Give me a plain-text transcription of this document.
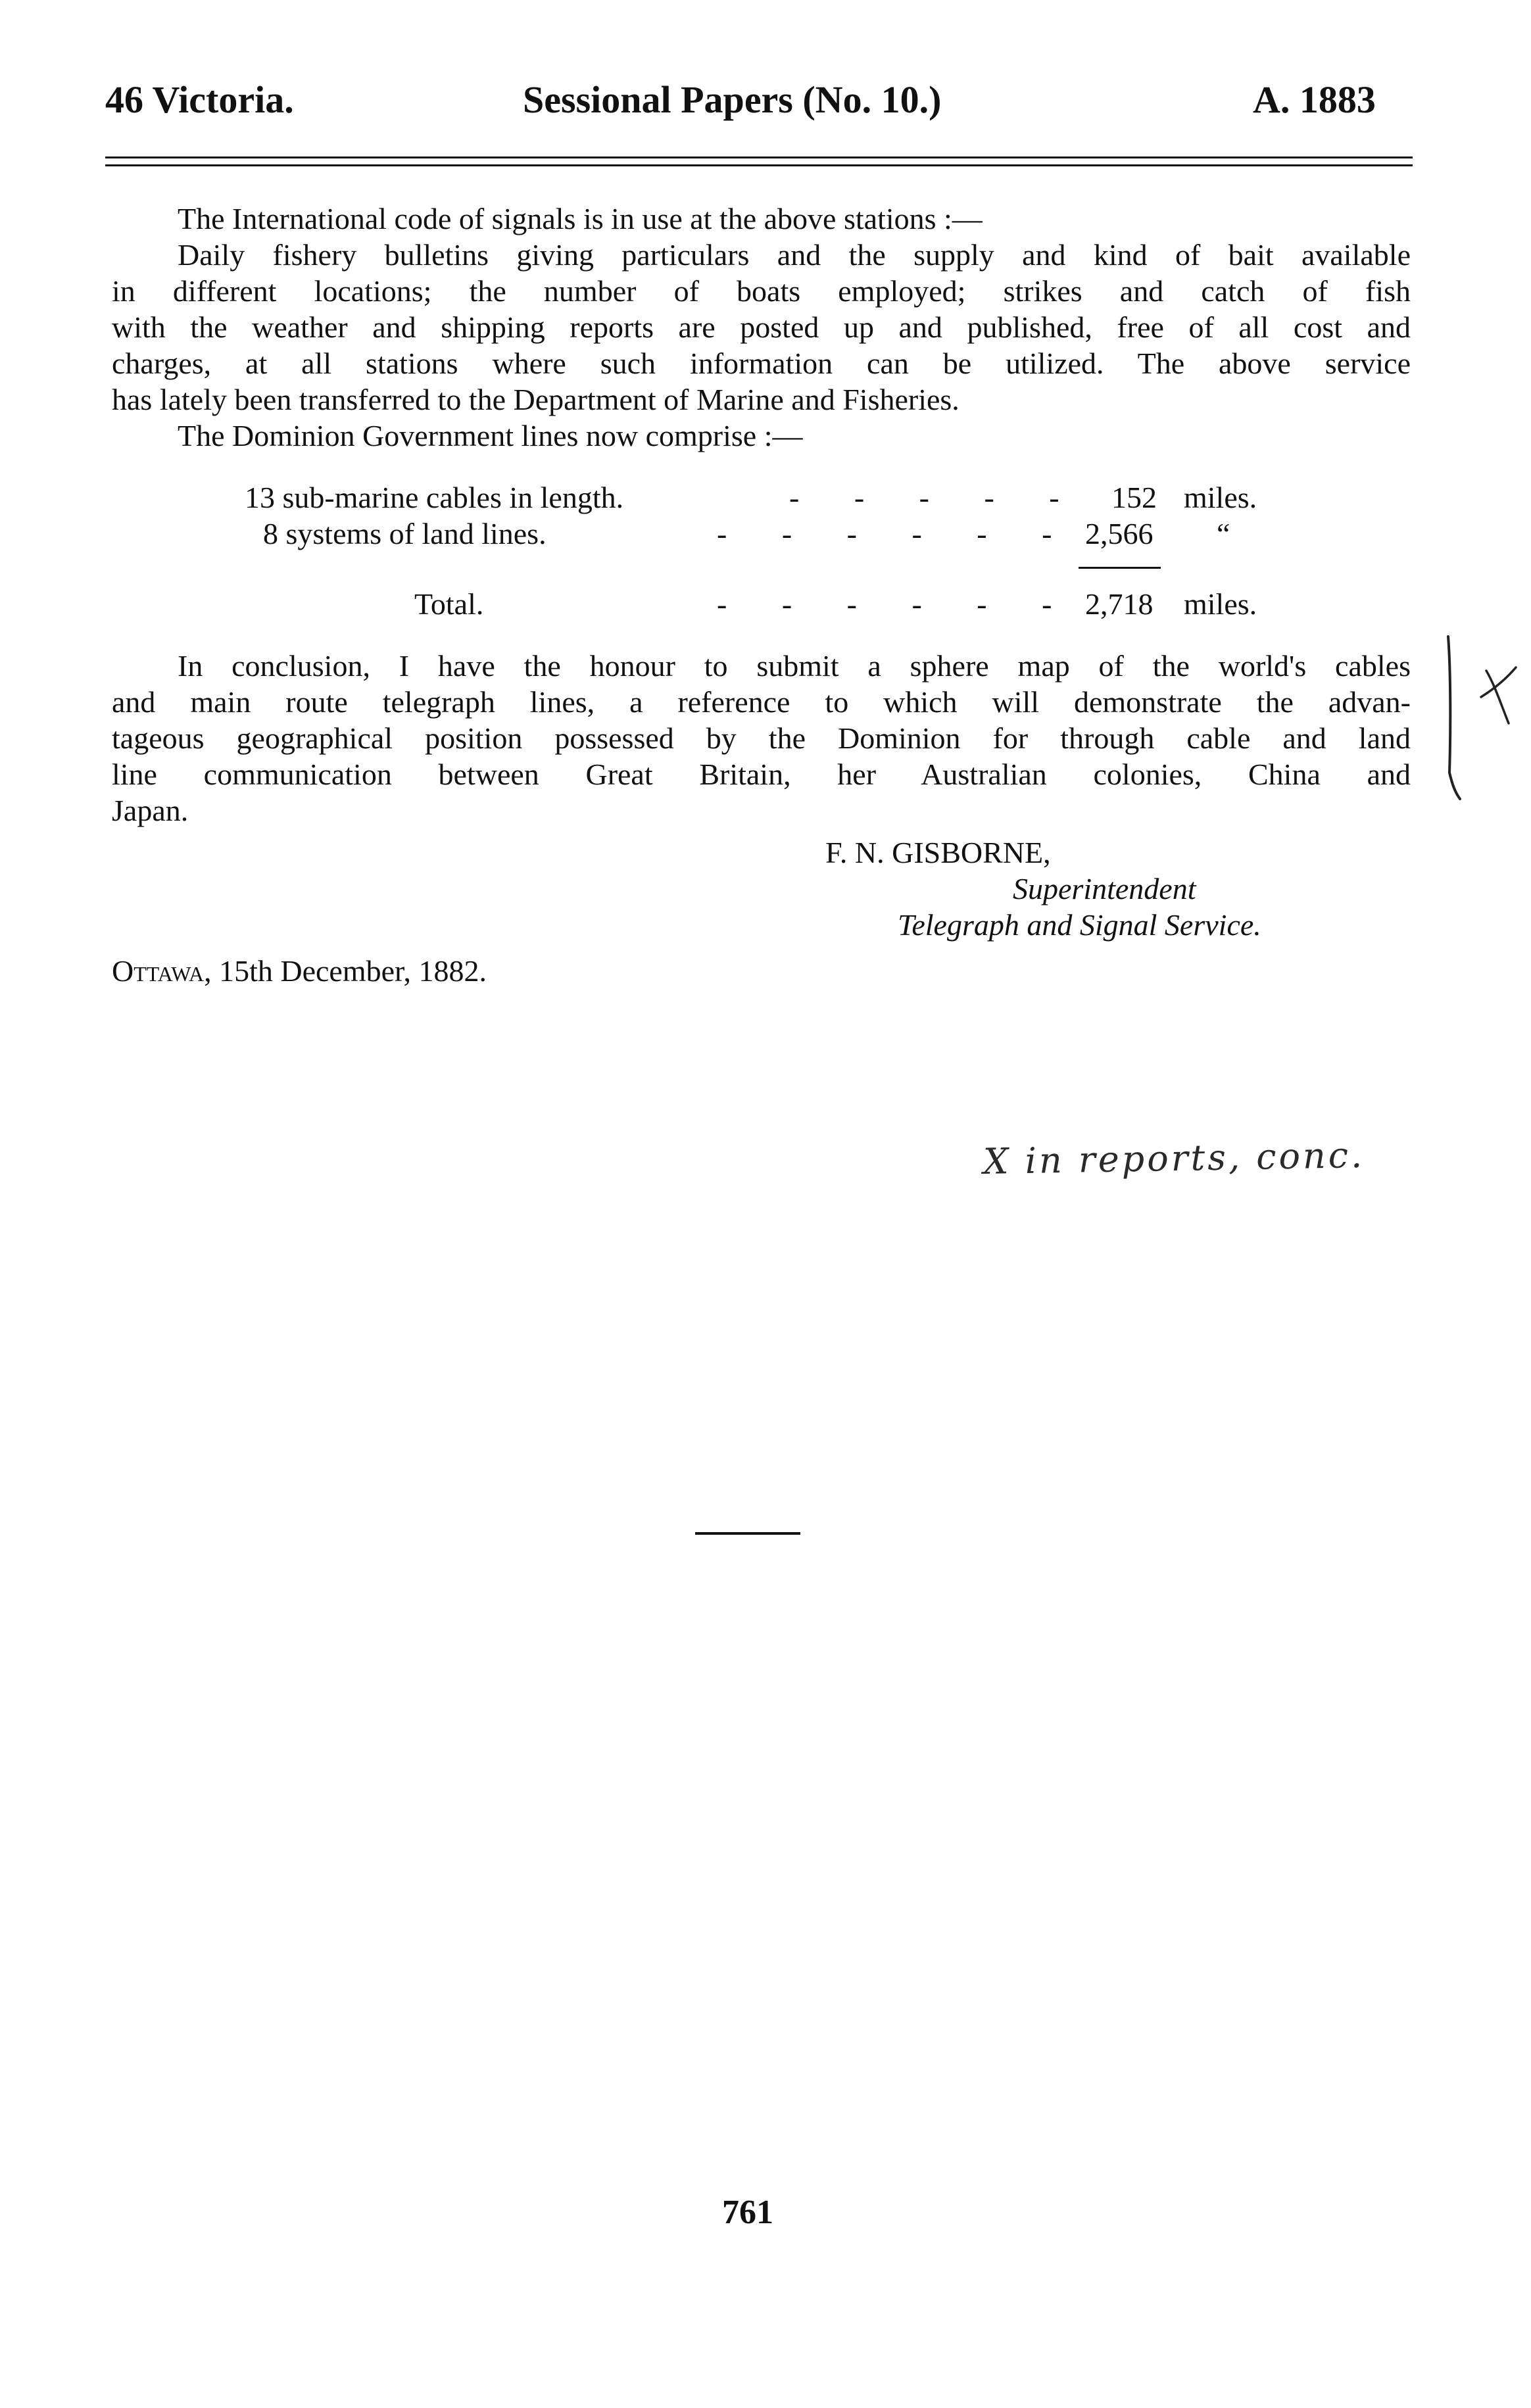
46 Victoria.	Sessional Papers (No. 10.)	A. 1883
The International code of signals is in use at the above stations :—
Daily fishery bulletins giving particulars and the supply and kind of bait available
in different locations; the number of boats employed; strikes and catch of fish
with the weather and shipping reports are posted up and published, free of all cost and
charges, at all stations where such information can be utilized. The above service
has lately been transferred to the Department of Marine and Fisheries.
The Dominion Government lines now comprise :—
13 sub-marine cables in length.	- - - - - 152 miles.
8 systems of land lines.	- - - - - - 2,566 “
Total.	- - - - - - 2,718 miles.
In conclusion, I have the honour to submit a sphere map of the world's cables
and main route telegraph lines, a reference to which will demonstrate the advan-
tageous geographical position possessed by the Dominion for through cable and land
line communication between Great Britain, her Australian colonies, China and
Japan.
F. N. GISBORNE,
Superintendent
Telegraph and Signal Service.
Ottawa, 15th December, 1882.
X in reports, conc.
761
